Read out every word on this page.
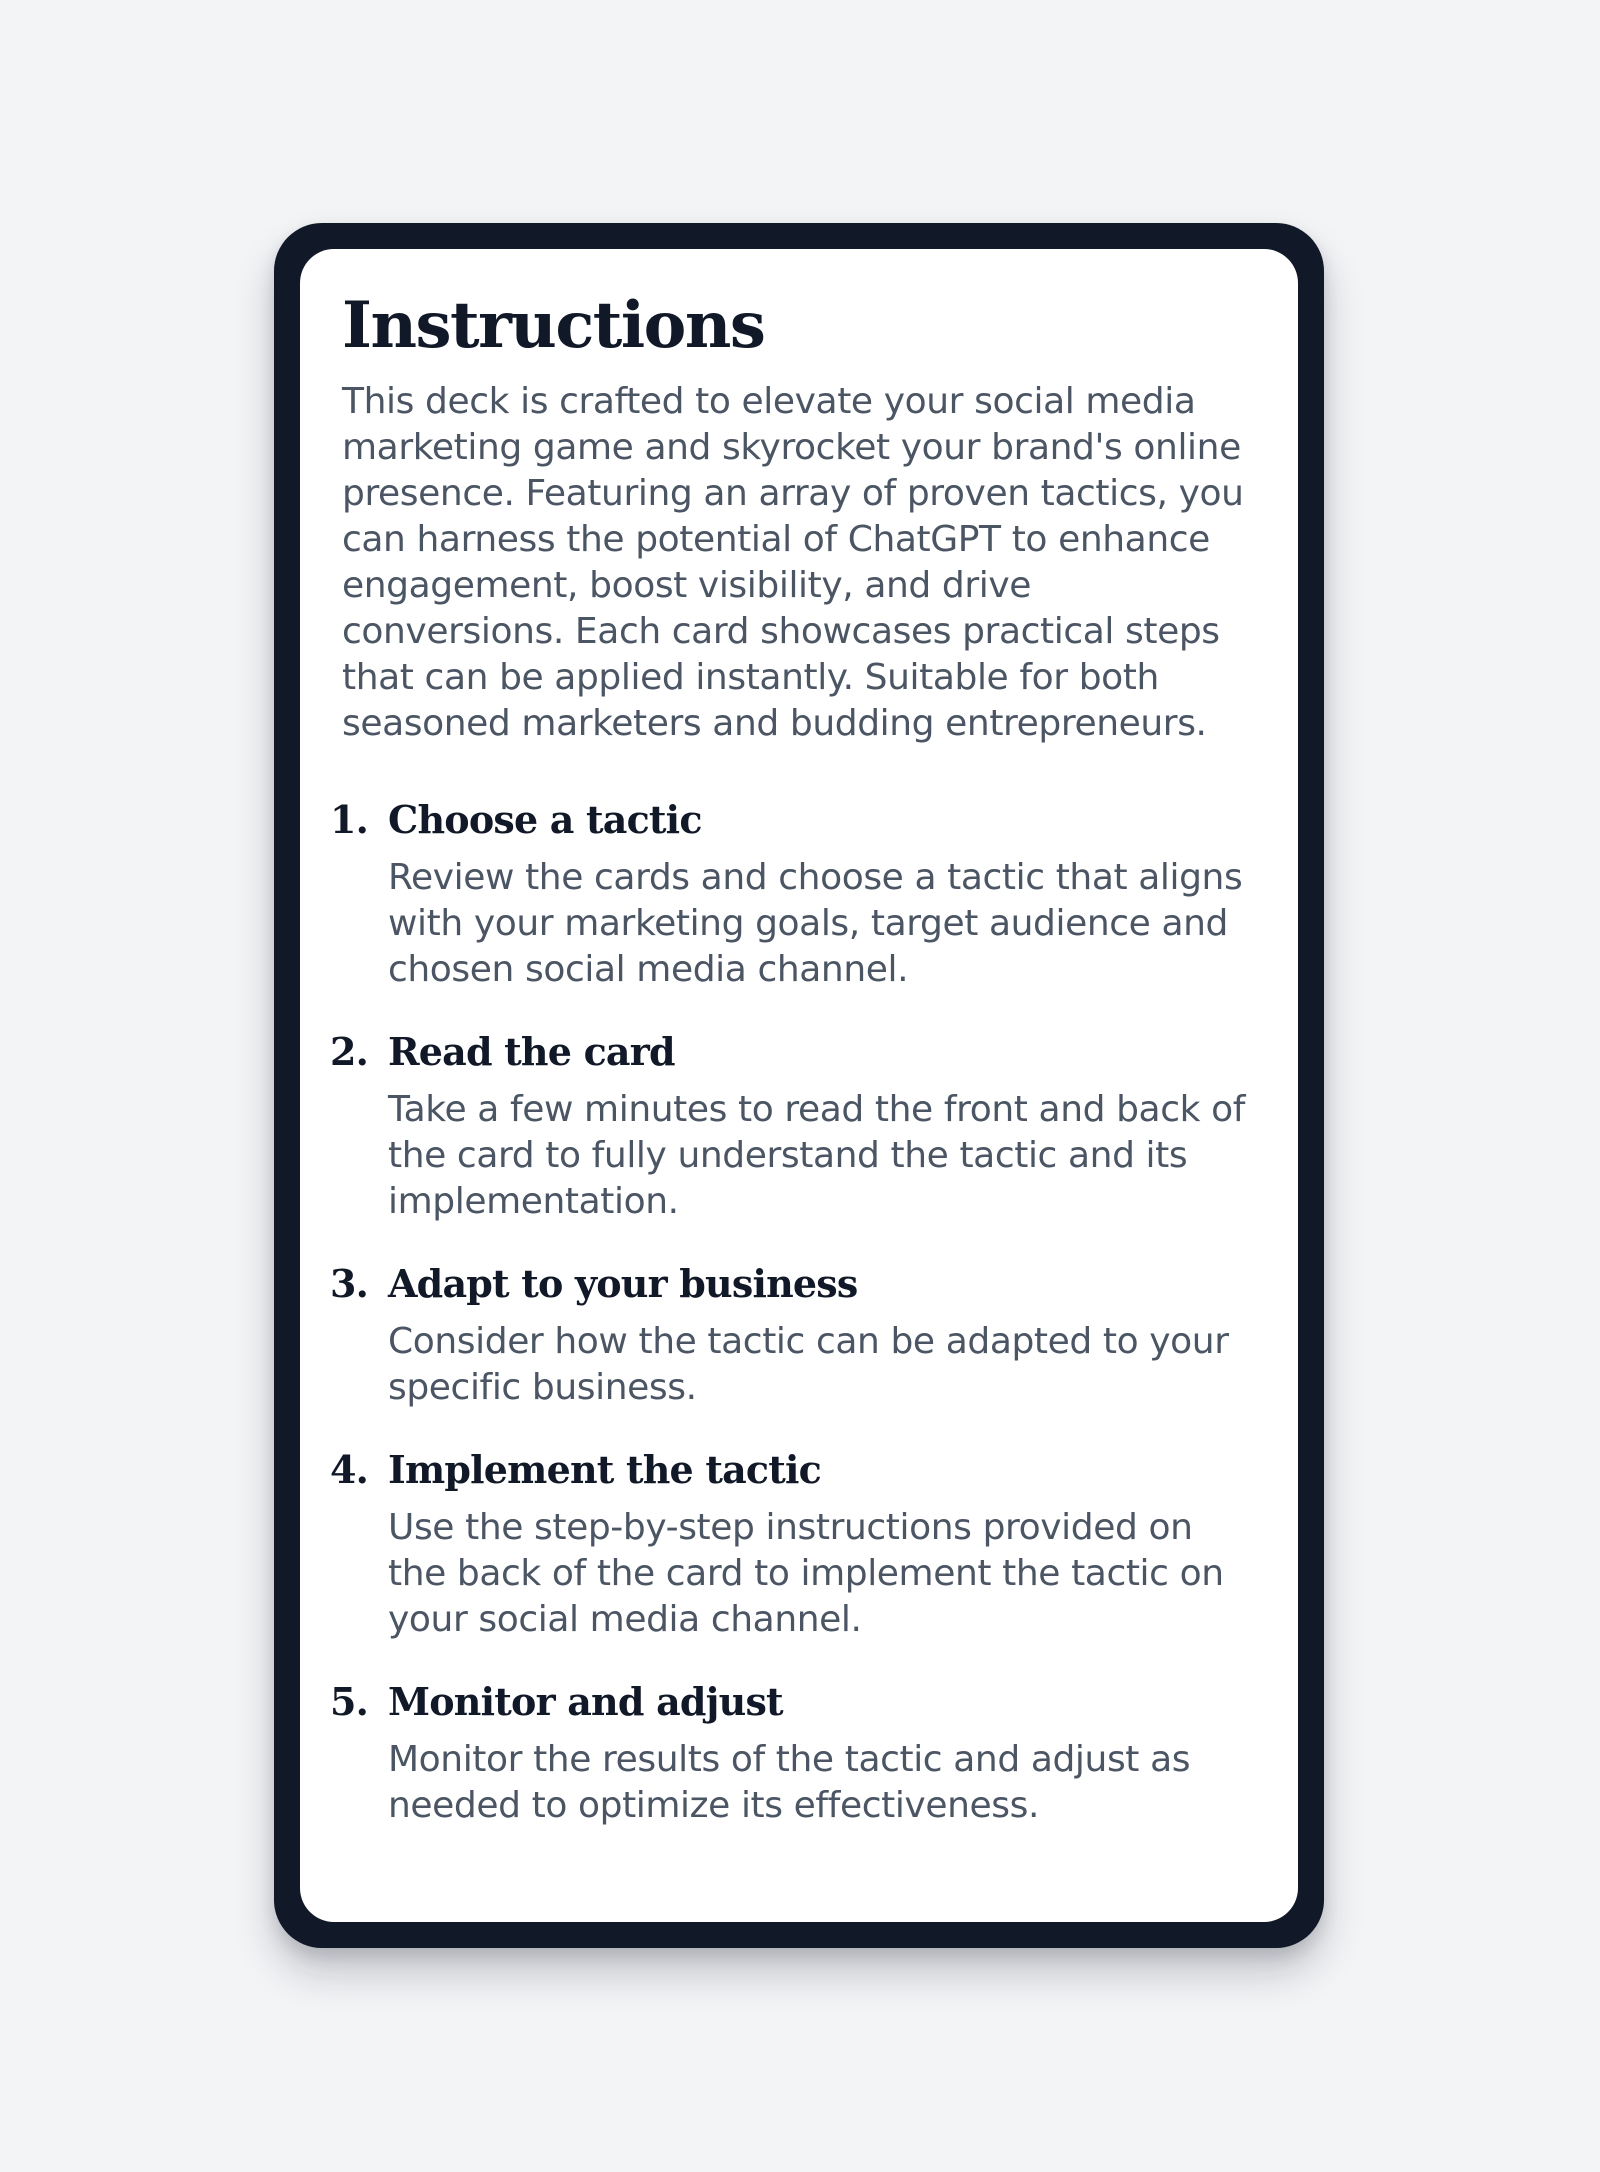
Instructions

This deck is crafted to elevate your social media marketing game and skyrocket your brand's online presence. Featuring an array of proven tactics, you can harness the potential of ChatGPT to enhance engagement, boost visibility, and drive conversions. Each card showcases practical steps that can be applied instantly. Suitable for both seasoned marketers and budding entrepreneurs.

1. Choose a tactic

Review the cards and choose a tactic that aligns with your marketing goals, target audience and chosen social media channel.

2. Read the card

Take a few minutes to read the front and back of the card to fully understand the tactic and its implementation.

3. Adapt to your business

Consider how the tactic can be adapted to your specific business.

4. Implement the tactic

Use the step-by-step instructions provided on the back of the card to implement the tactic on your social media channel.

5. Monitor and adjust

Monitor the results of the tactic and adjust as needed to optimize its effectiveness.
